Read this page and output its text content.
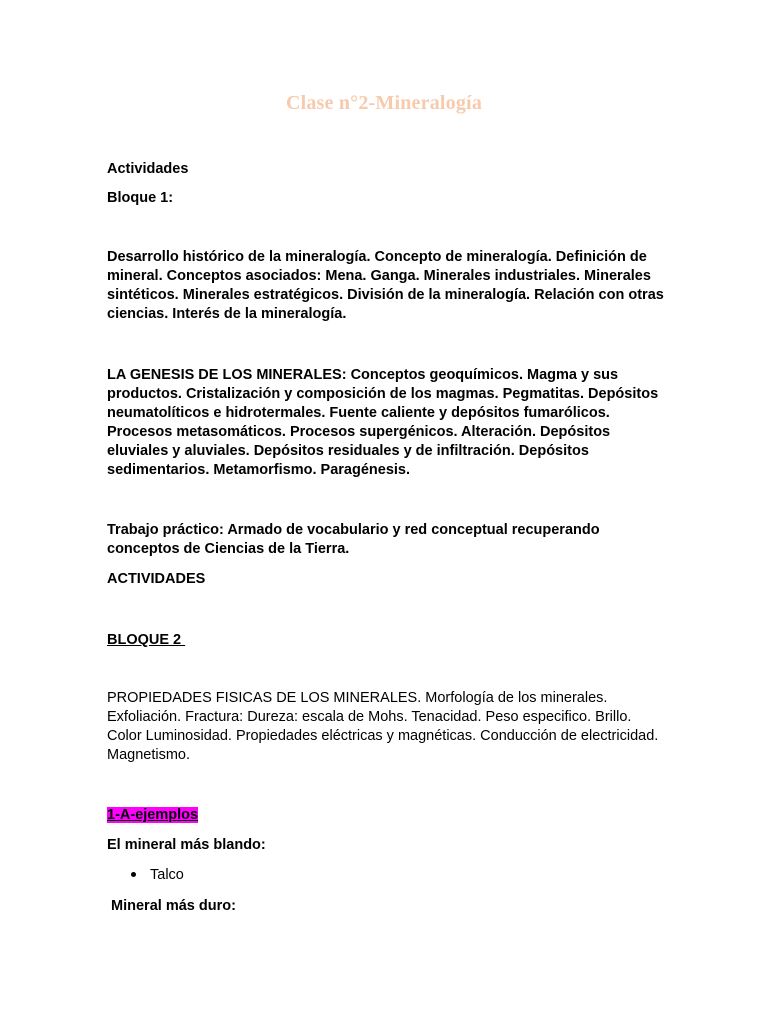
Clase n°2-Mineralogía

Actividades

Bloque 1:

Desarrollo histórico de la mineralogía. Concepto de mineralogía. Definición de mineral. Conceptos asociados: Mena. Ganga. Minerales industriales. Minerales sintéticos. Minerales estratégicos. División de la mineralogía. Relación con otras ciencias. Interés de la mineralogía.

LA GENESIS DE LOS MINERALES: Conceptos geoquímicos. Magma y sus productos. Cristalización y composición de los magmas. Pegmatitas. Depósitos neumatolíticos e hidrotermales. Fuente caliente y depósitos fumarólicos. Procesos metasomáticos. Procesos supergénicos. Alteración. Depósitos eluviales y aluviales. Depósitos residuales y de infiltración. Depósitos sedimentarios. Metamorfismo. Paragénesis.

Trabajo práctico: Armado de vocabulario y red conceptual recuperando conceptos de Ciencias de la Tierra.

ACTIVIDADES

BLOQUE 2

PROPIEDADES FISICAS DE LOS MINERALES. Morfología de los minerales. Exfoliación. Fractura: Dureza: escala de Mohs. Tenacidad. Peso especifico. Brillo. Color Luminosidad. Propiedades eléctricas y magnéticas. Conducción de electricidad. Magnetismo.

1-A-ejemplos

El mineral más blando:

Talco

Mineral más duro:
